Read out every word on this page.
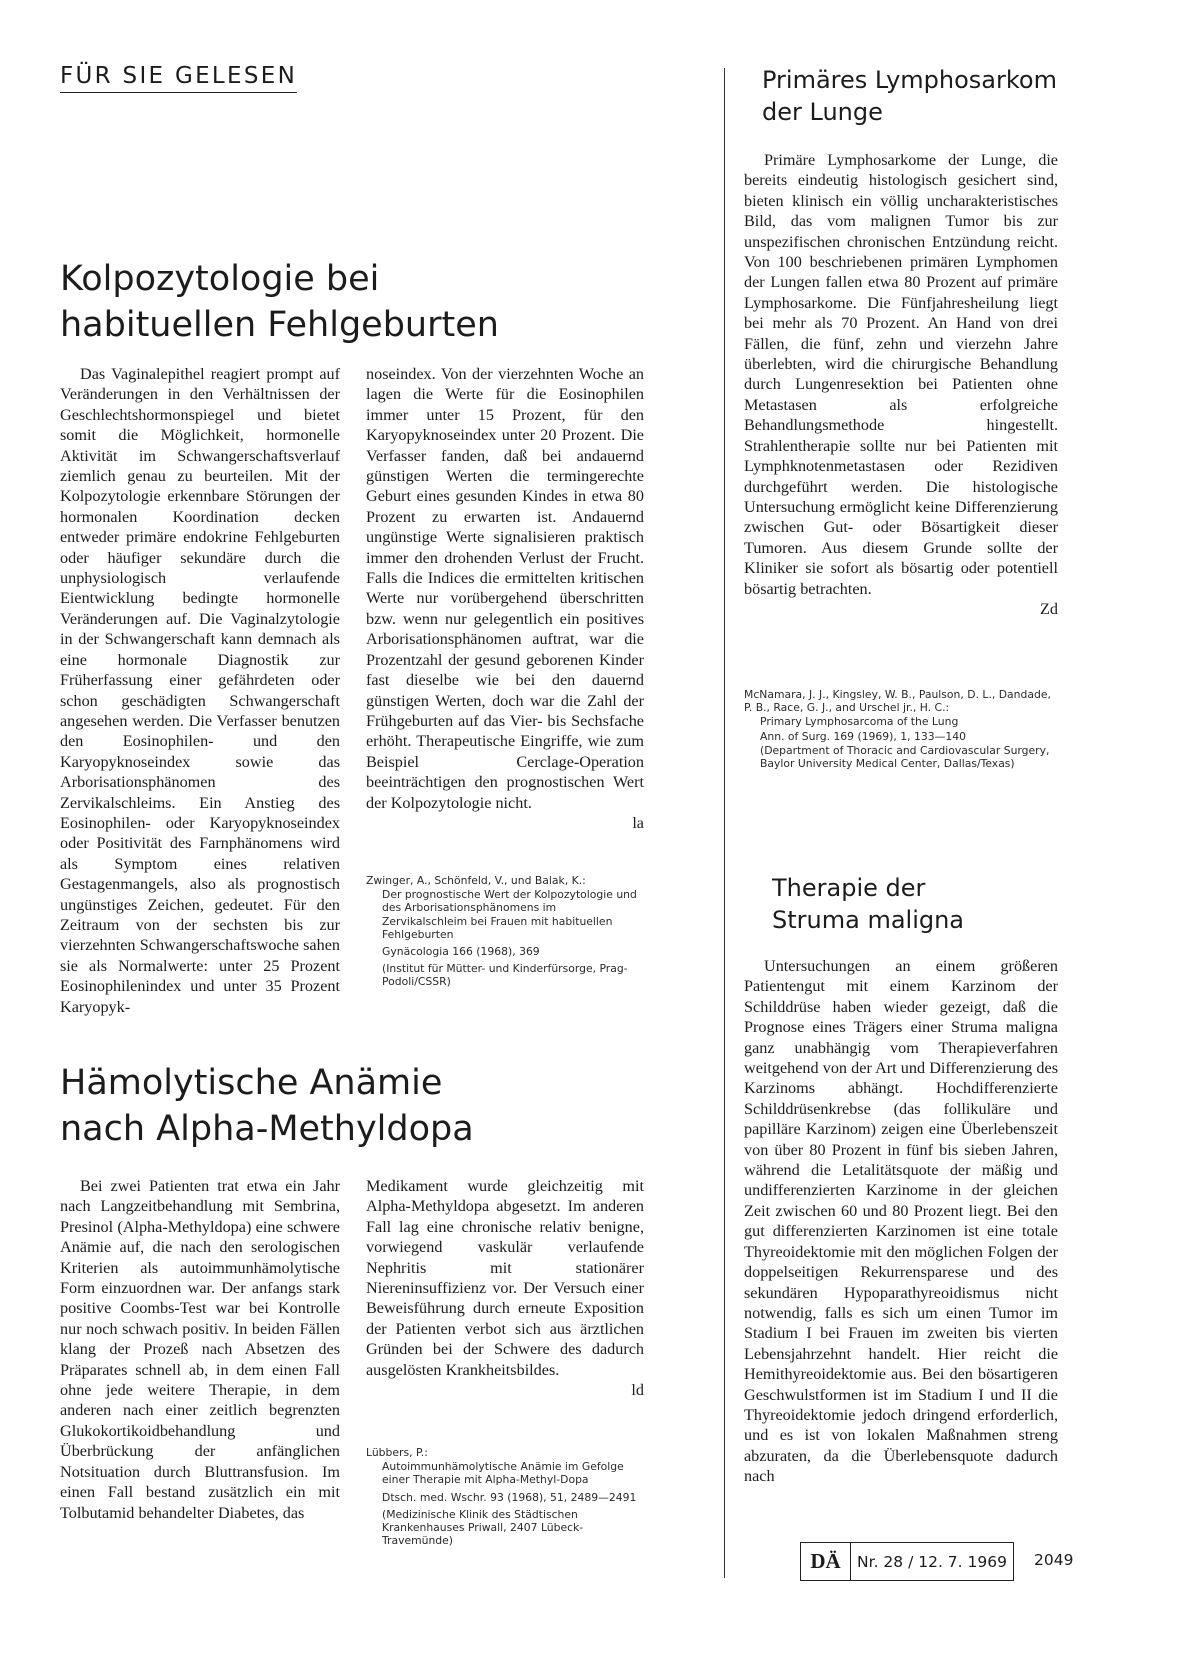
FÜR SIE GELESEN
Kolpozytologie bei
habituellen Fehlgeburten

Das Vaginalepithel reagiert prompt auf Veränderungen in den Verhältnissen der Geschlechtshormonspiegel und bietet somit die Möglichkeit, hormonelle Aktivität im Schwangerschaftsverlauf ziemlich genau zu beurteilen. Mit der Kolpozytologie erkennbare Störungen der hormonalen Koordination decken entweder primäre endokrine Fehlgeburten oder häufiger sekundäre durch die unphysiologisch verlaufende Eientwicklung bedingte hormonelle Veränderungen auf. Die Vaginalzytologie in der Schwangerschaft kann demnach als eine hormonale Diagnostik zur Früherfassung einer gefährdeten oder schon geschädigten Schwangerschaft angesehen werden. Die Verfasser benutzen den Eosinophilen- und den Karyopyknoseindex sowie das Arborisationsphänomen des Zervikalschleims. Ein Anstieg des Eosinophilen- oder Karyopyknoseindex oder Positivität des Farnphänomens wird als Symptom eines relativen Gestagenmangels, also als prognostisch ungünstiges Zeichen, gedeutet. Für den Zeitraum von der sechsten bis zur vierzehnten Schwangerschaftswoche sahen sie als Normalwerte: unter 25 Prozent Eosinophilenindex und unter 35 Prozent Karyopyk-

noseindex. Von der vierzehnten Woche an lagen die Werte für die Eosinophilen immer unter 15 Prozent, für den Karyopyknoseindex unter 20 Prozent. Die Verfasser fanden, daß bei andauernd günstigen Werten die termingerechte Geburt eines gesunden Kindes in etwa 80 Prozent zu erwarten ist. Andauernd ungünstige Werte signalisieren praktisch immer den drohenden Verlust der Frucht. Falls die Indices die ermittelten kritischen Werte nur vorübergehend überschritten bzw. wenn nur gelegentlich ein positives Arborisationsphänomen auftrat, war die Prozentzahl der gesund geborenen Kinder fast dieselbe wie bei den dauernd günstigen Werten, doch war die Zahl der Frühgeburten auf das Vier- bis Sechsfache erhöht. Therapeutische Eingriffe, wie zum Beispiel Cerclage-Operation beeinträchtigen den prognostischen Wert der Kolpozytologie nicht.

la

Zwinger, A., Schönfeld, V., und Balak, K.:

Der prognostische Wert der Kolpozytologie und des Arborisationsphänomens im Zervikalschleim bei Frauen mit habituellen Fehlgeburten

Gynäcologia 166 (1968), 369

(Institut für Mütter- und Kinderfürsorge, Prag-Podoli/CSSR)

Hämolytische Anämie
nach Alpha-Methyldopa

Bei zwei Patienten trat etwa ein Jahr nach Langzeitbehandlung mit Sembrina, Presinol (Alpha-Methyldopa) eine schwere Anämie auf, die nach den serologischen Kriterien als autoimmunhämolytische Form einzuordnen war. Der anfangs stark positive Coombs-Test war bei Kontrolle nur noch schwach positiv. In beiden Fällen klang der Prozeß nach Absetzen des Präparates schnell ab, in dem einen Fall ohne jede weitere Therapie, in dem anderen nach einer zeitlich begrenzten Glukokortikoidbehandlung und Überbrückung der anfänglichen Notsituation durch Bluttransfusion. Im einen Fall bestand zusätzlich ein mit Tolbutamid behandelter Diabetes, das

Medikament wurde gleichzeitig mit Alpha-Methyldopa abgesetzt. Im anderen Fall lag eine chronische relativ benigne, vorwiegend vaskulär verlaufende Nephritis mit stationärer Niereninsuffizienz vor. Der Versuch einer Beweisführung durch erneute Exposition der Patienten verbot sich aus ärztlichen Gründen bei der Schwere des dadurch ausgelösten Krankheitsbildes.

ld

Lübbers, P.:

Autoimmunhämolytische Anämie im Gefolge einer Therapie mit Alpha-Methyl-Dopa

Dtsch. med. Wschr. 93 (1968), 51, 2489—2491

(Medizinische Klinik des Städtischen Krankenhauses Priwall, 2407 Lübeck-Travemünde)

Primäres Lymphosarkom
der Lunge

Primäre Lymphosarkome der Lunge, die bereits eindeutig histologisch gesichert sind, bieten klinisch ein völlig uncharakteristisches Bild, das vom malignen Tumor bis zur unspezifischen chronischen Entzündung reicht. Von 100 beschriebenen primären Lymphomen der Lungen fallen etwa 80 Prozent auf primäre Lymphosarkome. Die Fünfjahresheilung liegt bei mehr als 70 Prozent. An Hand von drei Fällen, die fünf, zehn und vierzehn Jahre überlebten, wird die chirurgische Behandlung durch Lungenresektion bei Patienten ohne Metastasen als erfolgreiche Behandlungsmethode hingestellt. Strahlentherapie sollte nur bei Patienten mit Lymphknotenmetastasen oder Rezidiven durchgeführt werden. Die histologische Untersuchung ermöglicht keine Differenzierung zwischen Gut- oder Bösartigkeit dieser Tumoren. Aus diesem Grunde sollte der Kliniker sie sofort als bösartig oder potentiell bösartig betrachten.

Zd

McNamara, J. J., Kingsley, W. B., Paulson, D. L., Dandade, P. B., Race, G. J., and Urschel jr., H. C.:

Primary Lymphosarcoma of the Lung

Ann. of Surg. 169 (1969), 1, 133—140

(Department of Thoracic and Cardiovascular Surgery, Baylor University Medical Center, Dallas/Texas)

Therapie der
Struma maligna

Untersuchungen an einem größeren Patientengut mit einem Karzinom der Schilddrüse haben wieder gezeigt, daß die Prognose eines Trägers einer Struma maligna ganz unabhängig vom Therapieverfahren weitgehend von der Art und Differenzierung des Karzinoms abhängt. Hochdifferenzierte Schilddrüsenkrebse (das follikuläre und papilläre Karzinom) zeigen eine Überlebenszeit von über 80 Prozent in fünf bis sieben Jahren, während die Letalitätsquote der mäßig und undifferenzierten Karzinome in der gleichen Zeit zwischen 60 und 80 Prozent liegt. Bei den gut differenzierten Karzinomen ist eine totale Thyreoidektomie mit den möglichen Folgen der doppelseitigen Rekurrensparese und des sekundären Hypoparathyreoidismus nicht notwendig, falls es sich um einen Tumor im Stadium I bei Frauen im zweiten bis vierten Lebensjahrzehnt handelt. Hier reicht die Hemithyreoidektomie aus. Bei den bösartigeren Geschwulstformen ist im Stadium I und II die Thyreoidektomie jedoch dringend erforderlich, und es ist von lokalen Maßnahmen streng abzuraten, da die Überlebensquote dadurch nach

DÄ	Nr. 28 / 12. 7. 1969	2049
